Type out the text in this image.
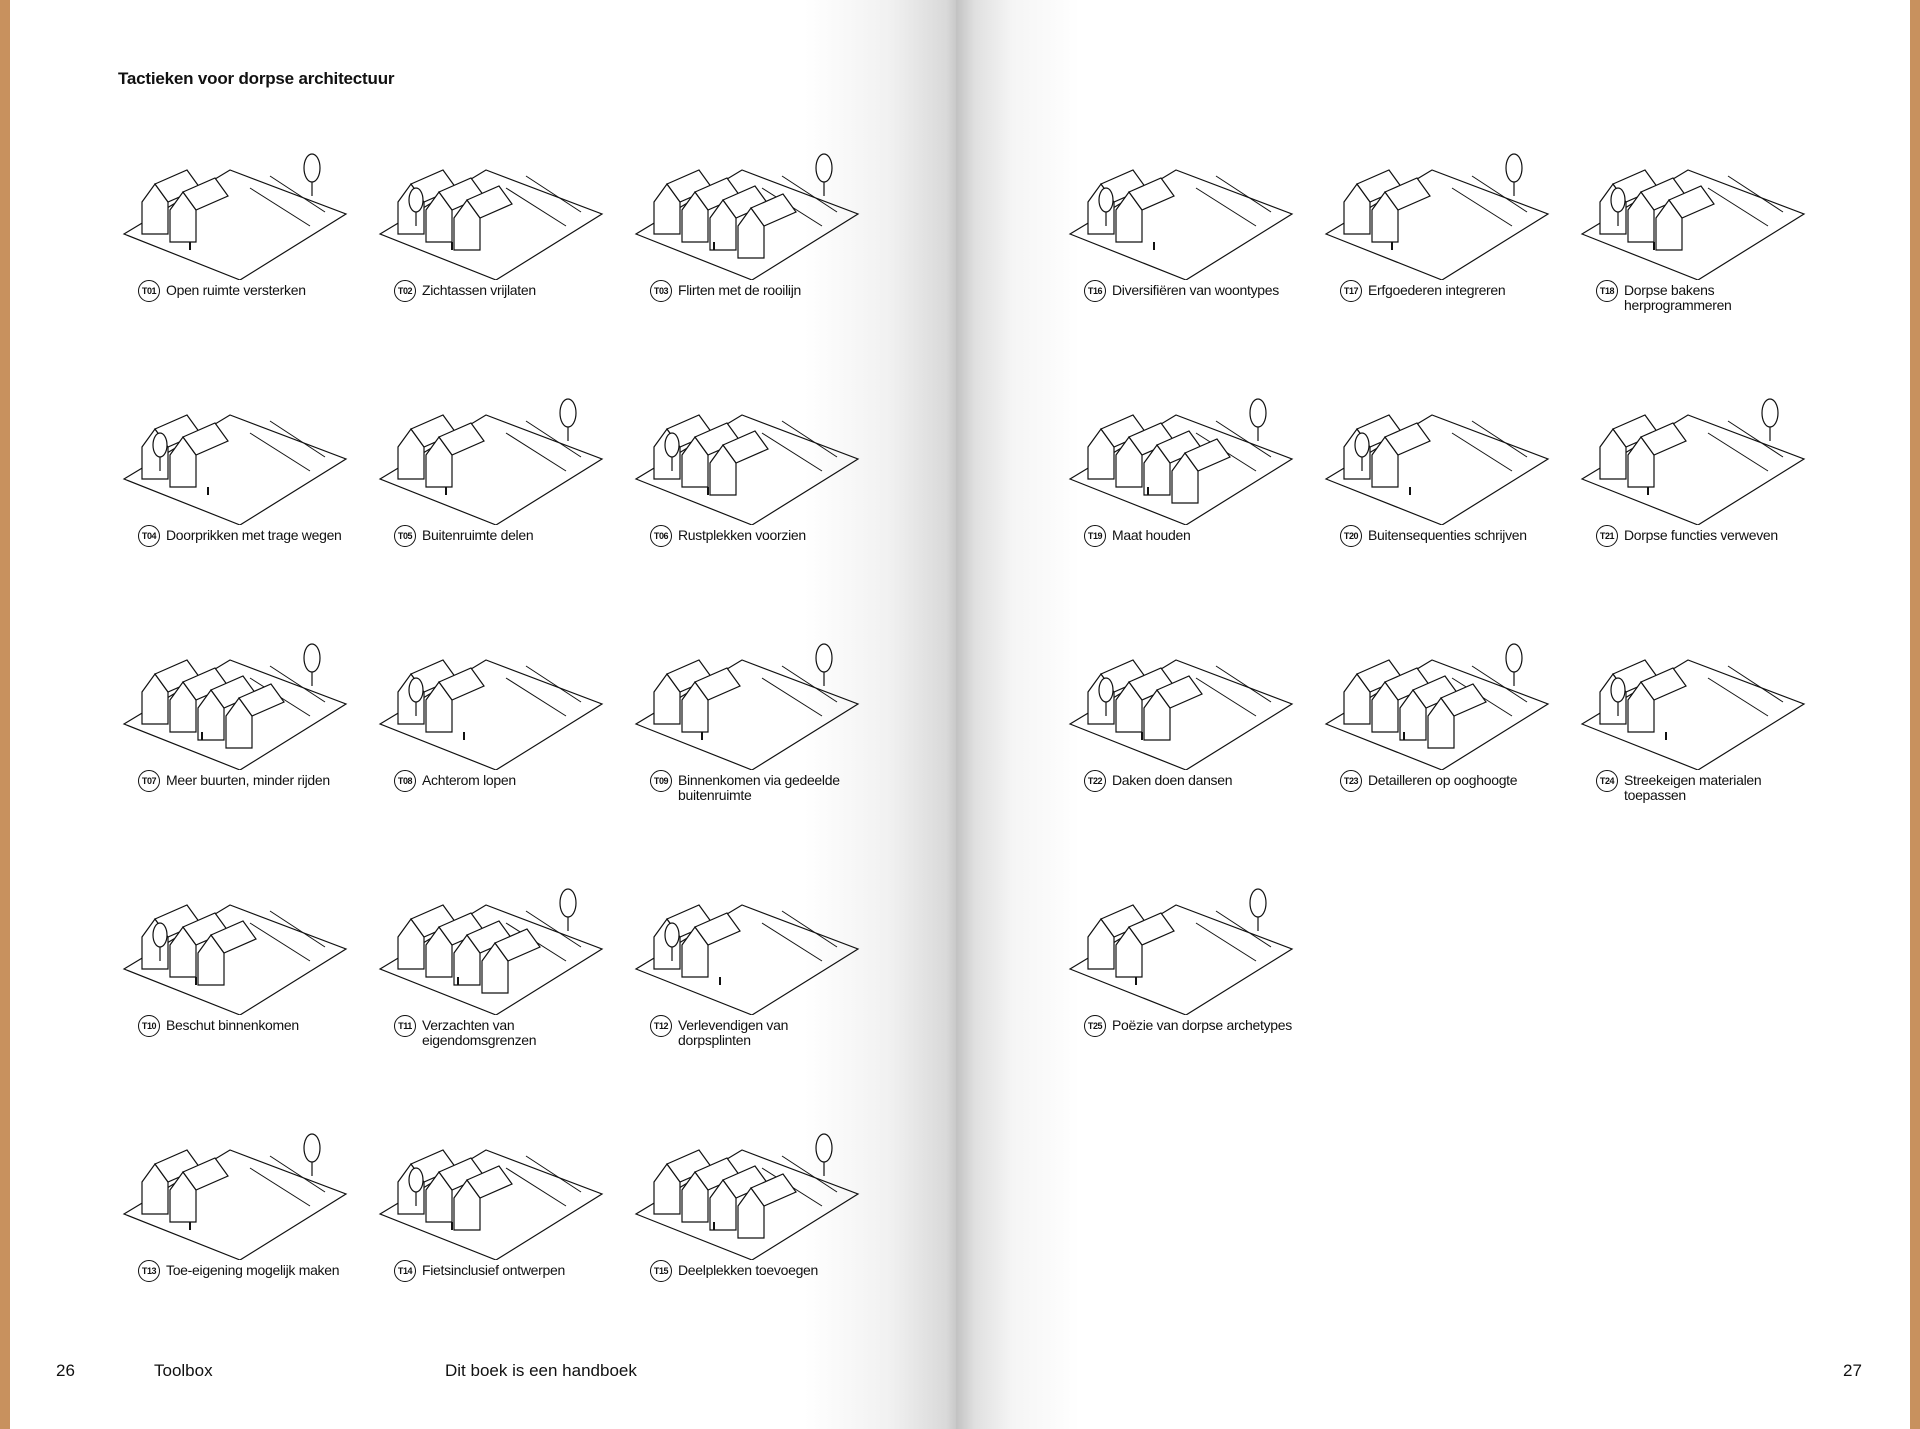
Tactieken voor dorpse architectuur
T01 Open ruimte versterken	T02 Zichtassen vrijlaten	T03 Flirten met de rooilijn
T04 Doorprikken met trage wegen	T05 Buitenruimte delen	T06 Rustplekken voorzien
T07 Meer buurten, minder rijden	T08 Achterom lopen	T09 Binnenkomen via gedeelde buitenruimte
T10 Beschut binnenkomen	T11 Verzachten van eigendomsgrenzen
T12 Verlevendigen van dorpsplinten
T13 Toe-eigening mogelijk maken	T14 Fietsinclusief ontwerpen	T15 Deelplekken toevoegen
T16 Diversifiëren van woontypes	T17 Erfgoederen integreren	T18 Dorpse bakens herprogrammeren
T19 Maat houden	T20 Buitensequenties schrijven	T21 Dorpse functies verweven
T22 Daken doen dansen	T23 Detailleren op ooghoogte	T24 Streekeigen materialen toepassen
T25 Poëzie van dorpse archetypes
26	Toolbox	Dit boek is een handboek	27
